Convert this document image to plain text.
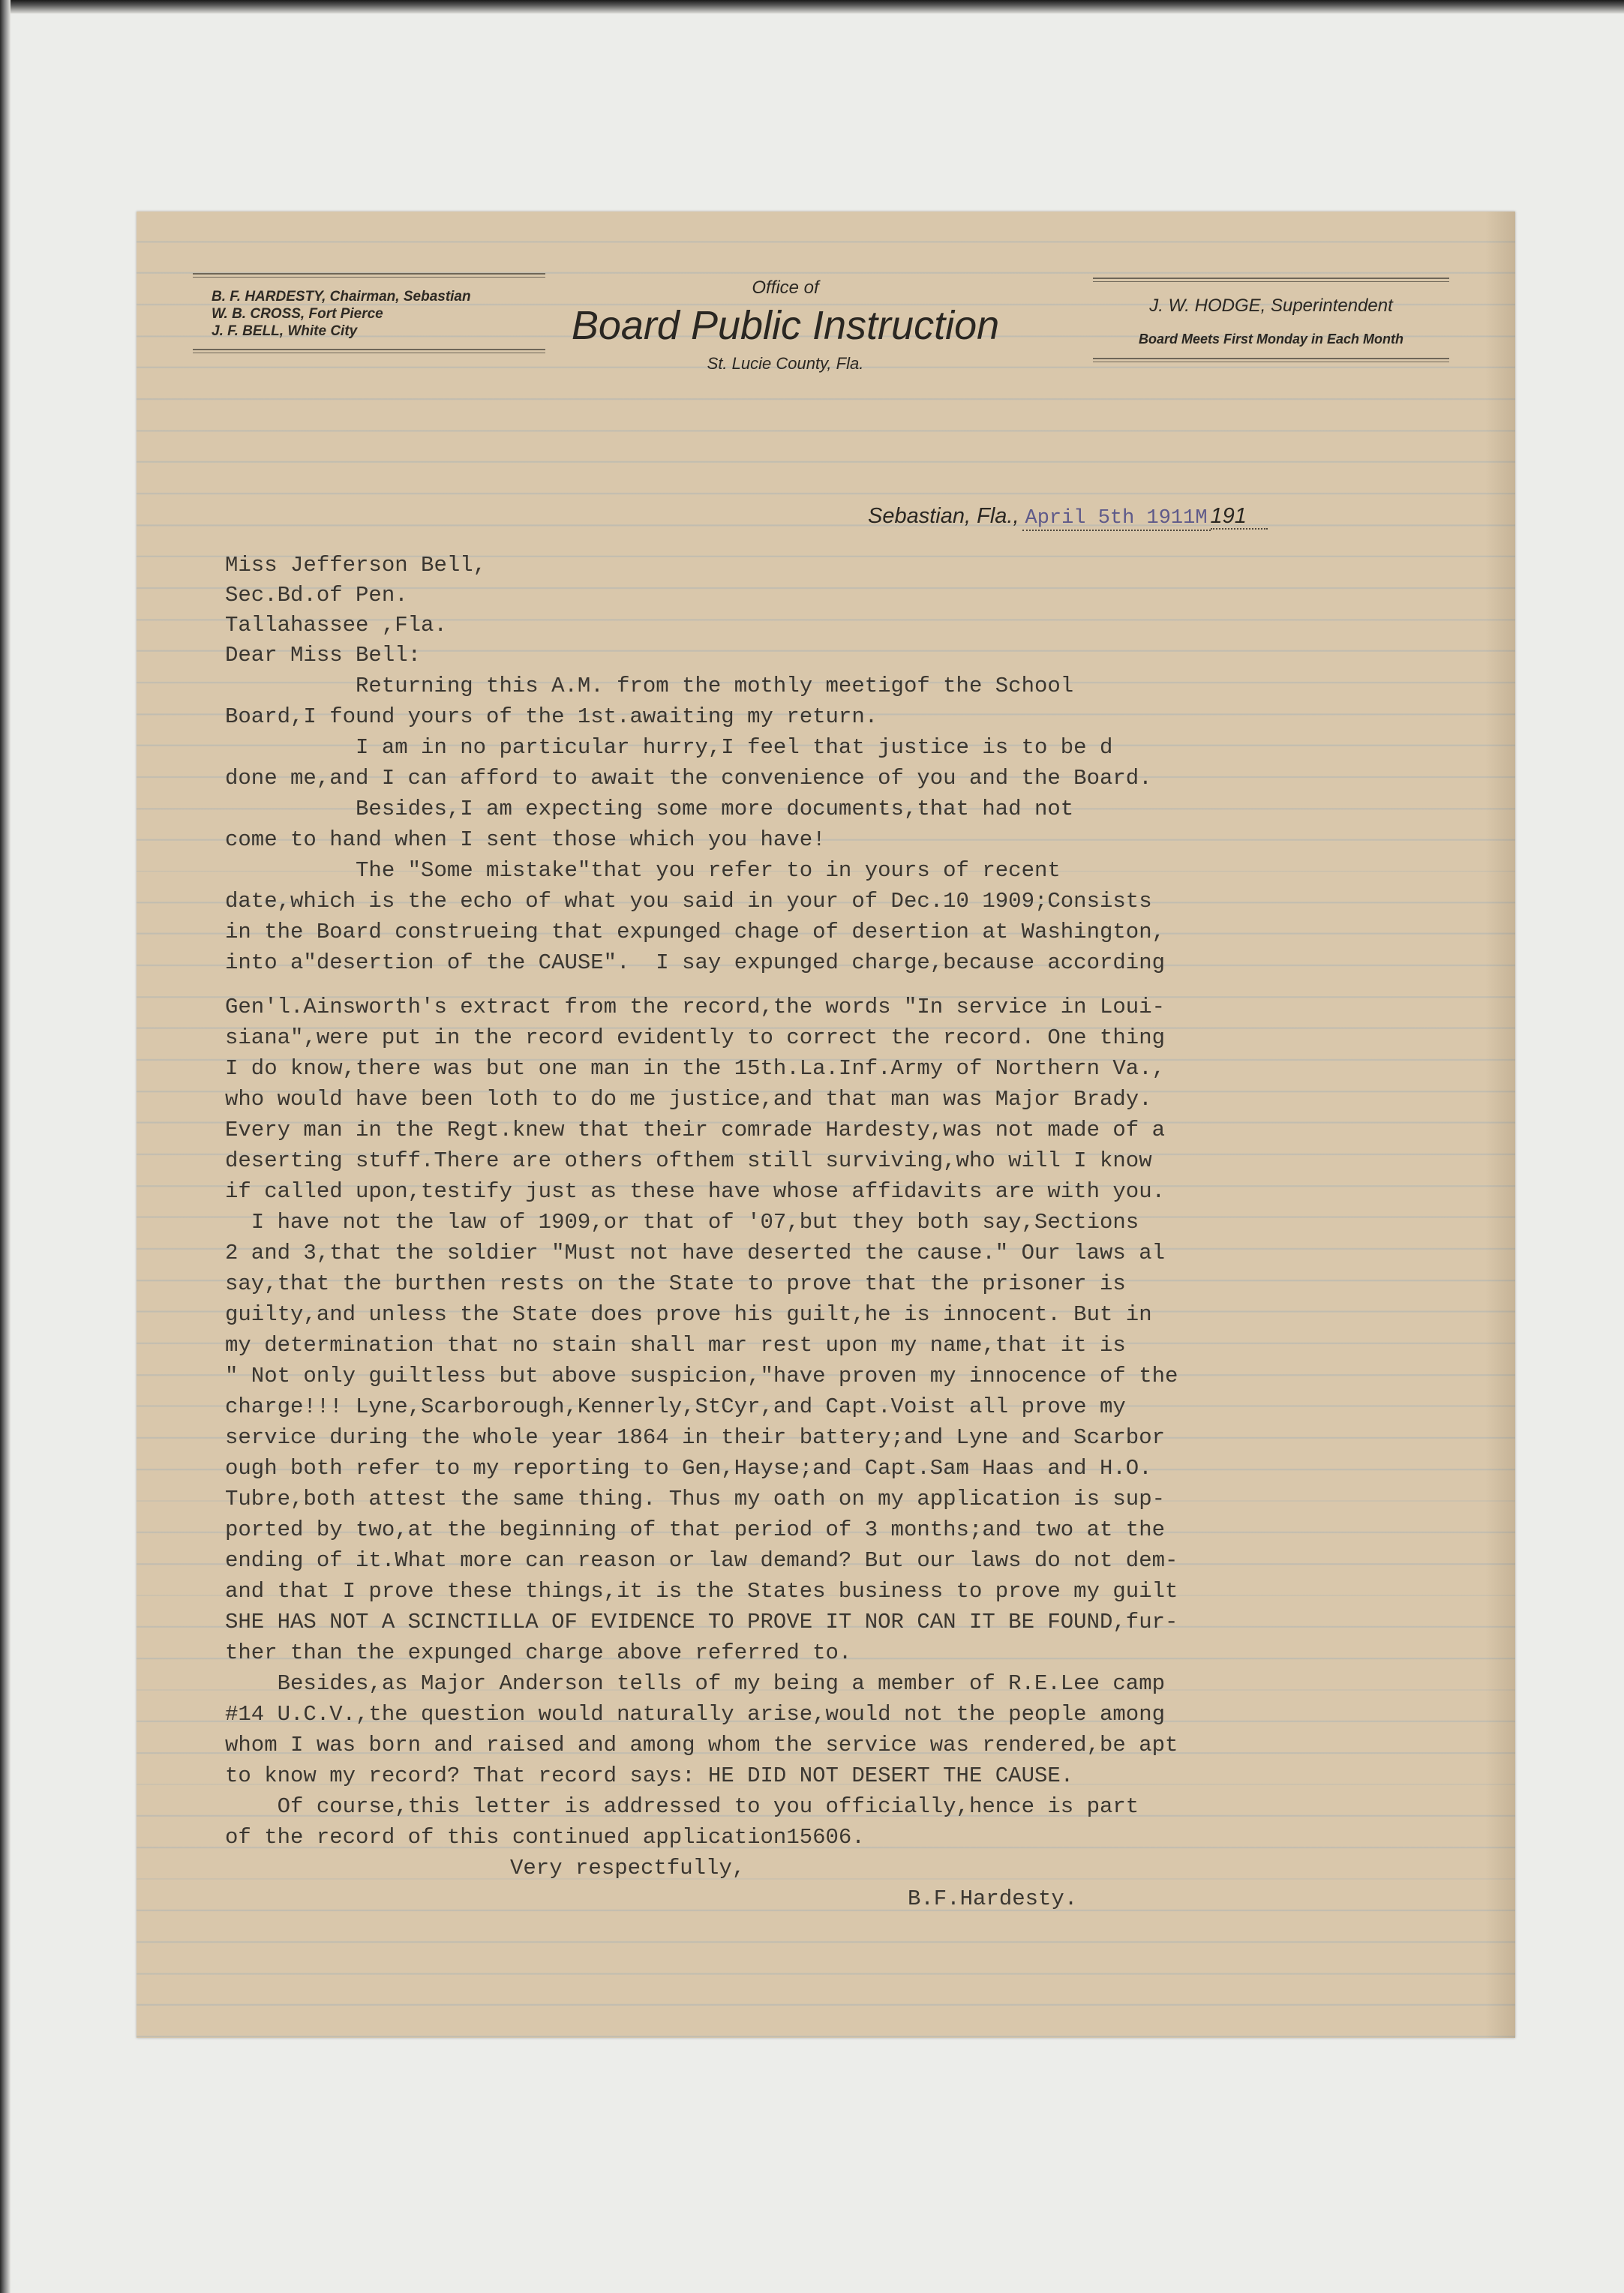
B. F. HARDESTY, Chairman, Sebastian
W. B. CROSS, Fort Pierce
J. F. BELL, White City
Office of
Board Public Instruction
St. Lucie County, Fla.
J. W. HODGE, Superintendent
Board Meets First Monday in Each Month
Sebastian, Fla., April 5th 1911M 191
Miss Jefferson Bell,
Sec.Bd.of Pen.
Tallahassee ,Fla.
Dear Miss Bell:
Returning this A.M. from the mothly meetigof the School
Board,I found yours of the 1st.awaiting my return.
I am in no particular hurry,I feel that justice is to be d
done me,and I can afford to await the convenience of you and the Board.
Besides,I am expecting some more documents,that had not
come to hand when I sent those which you have!
The "Some mistake"that you refer to in yours of recent
date,which is the echo of what you said in your of Dec.10 1909;Consists
in the Board construeing that expunged chage of desertion at Washington,
into a"desertion of the CAUSE".  I say expunged charge,because according
Gen'l.Ainsworth's extract from the record,the words "In service in Loui-
siana",were put in the record evidently to correct the record. One thing
I do know,there was but one man in the 15th.La.Inf.Army of Northern Va.,
who would have been loth to do me justice,and that man was Major Brady.
Every man in the Regt.knew that their comrade Hardesty,was not made of a
deserting stuff.There are others ofthem still surviving,who will I know
if called upon,testify just as these have whose affidavits are with you.
I have not the law of 1909,or that of '07,but they both say,Sections
2 and 3,that the soldier "Must not have deserted the cause." Our laws al
say,that the burthen rests on the State to prove that the prisoner is
guilty,and unless the State does prove his guilt,he is innocent. But in
my determination that no stain shall mar rest upon my name,that it is
" Not only guiltless but above suspicion,"have proven my innocence of the
charge!!! Lyne,Scarborough,Kennerly,StCyr,and Capt.Voist all prove my
service during the whole year 1864 in their battery;and Lyne and Scarbor
ough both refer to my reporting to Gen,Hayse;and Capt.Sam Haas and H.O.
Tubre,both attest the same thing. Thus my oath on my application is sup-
ported by two,at the beginning of that period of 3 months;and two at the
ending of it.What more can reason or law demand? But our laws do not dem-
and that I prove these things,it is the States business to prove my guilt
SHE HAS NOT A SCINCTILLA OF EVIDENCE TO PROVE IT NOR CAN IT BE FOUND,fur-
ther than the expunged charge above referred to.
Besides,as Major Anderson tells of my being a member of R.E.Lee camp
#14 U.C.V.,the question would naturally arise,would not the people among
whom I was born and raised and among whom the service was rendered,be apt
to know my record? That record says: HE DID NOT DESERT THE CAUSE.
Of course,this letter is addressed to you officially,hence is part
of the record of this continued application15606.
Very respectfully,
B.F.Hardesty.
